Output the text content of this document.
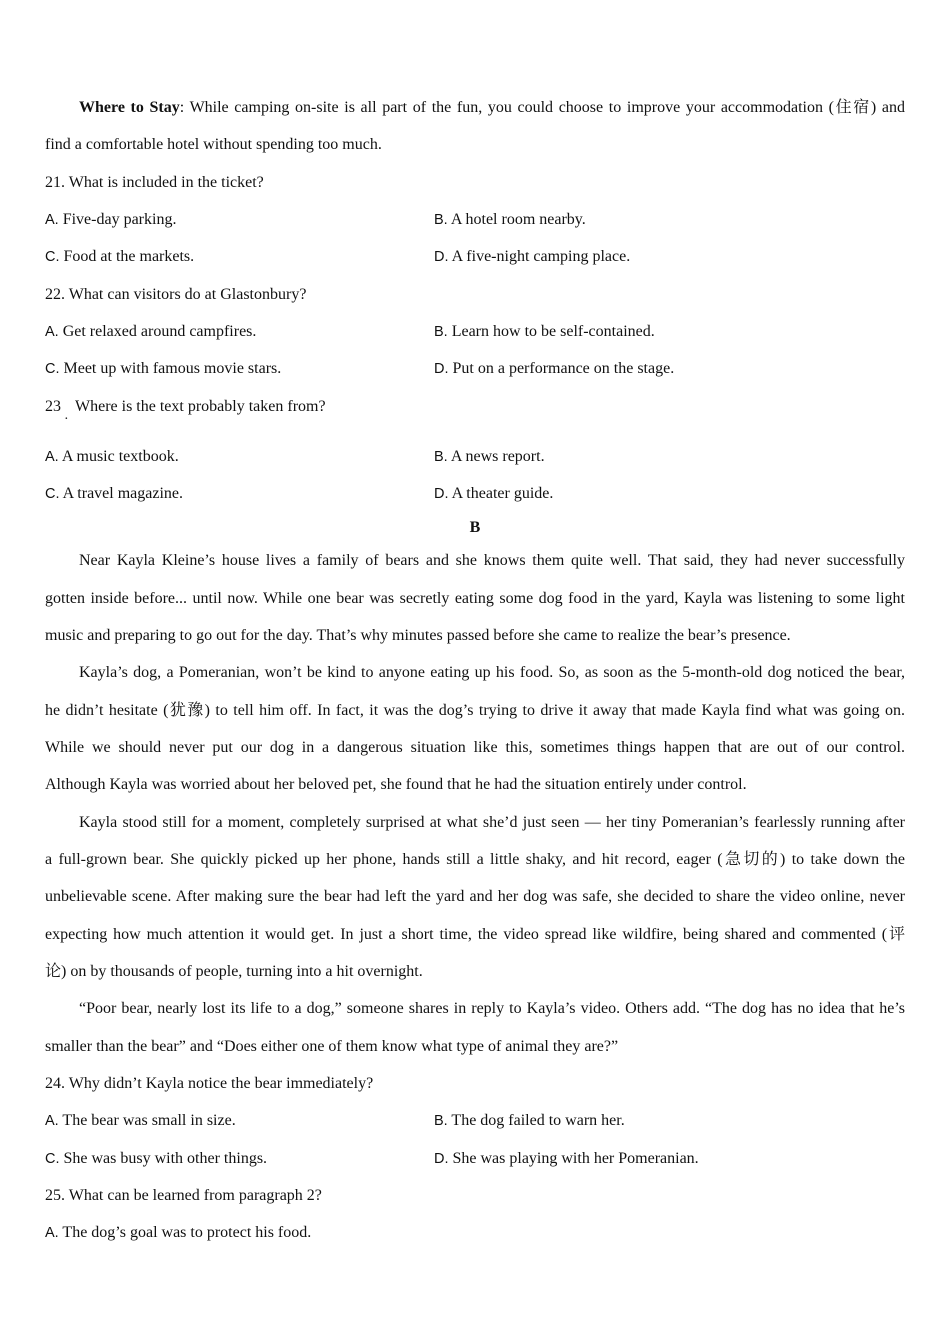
Where to Stay: While camping on-site is all part of the fun, you could choose to improve your accommodation (住宿) and
find a comfortable hotel without spending too much.
21. What is included in the ticket?
A. Five-day parking.	B. A hotel room nearby.
C. Food at the markets.	D. A five-night camping place.
22. What can visitors do at Glastonbury?
A. Get relaxed around campfires.	B. Learn how to be self-contained.
C. Meet up with famous movie stars.	D. Put on a performance on the stage.
23 Where is the text probably taken from?
·
A. A music textbook.	B. A news report.
C. A travel magazine.	D. A theater guide.
B
Near Kayla Kleine’s house lives a family of bears and she knows them quite well. That said, they had never successfully
gotten inside before... until now. While one bear was secretly eating some dog food in the yard, Kayla was listening to some light
music and preparing to go out for the day. That’s why minutes passed before she came to realize the bear’s presence.
Kayla’s dog, a Pomeranian, won’t be kind to anyone eating up his food. So, as soon as the 5-month-old dog noticed the bear,
he didn’t hesitate (犹豫) to tell him off. In fact, it was the dog’s trying to drive it away that made Kayla find what was going on.
While we should never put our dog in a dangerous situation like this, sometimes things happen that are out of our control.
Although Kayla was worried about her beloved pet, she found that he had the situation entirely under control.
Kayla stood still for a moment, completely surprised at what she’d just seen — her tiny Pomeranian’s fearlessly running after
a full-grown bear. She quickly picked up her phone, hands still a little shaky, and hit record, eager (急切的) to take down the
unbelievable scene. After making sure the bear had left the yard and her dog was safe, she decided to share the video online, never
expecting how much attention it would get. In just a short time, the video spread like wildfire, being shared and commented (评
论) on by thousands of people, turning into a hit overnight.
“Poor bear, nearly lost its life to a dog,” someone shares in reply to Kayla’s video. Others add. “The dog has no idea that he’s
smaller than the bear” and “Does either one of them know what type of animal they are?”
24. Why didn’t Kayla notice the bear immediately?
A. The bear was small in size.	B. The dog failed to warn her.
C. She was busy with other things.	D. She was playing with her Pomeranian.
25. What can be learned from paragraph 2?
A. The dog’s goal was to protect his food.
